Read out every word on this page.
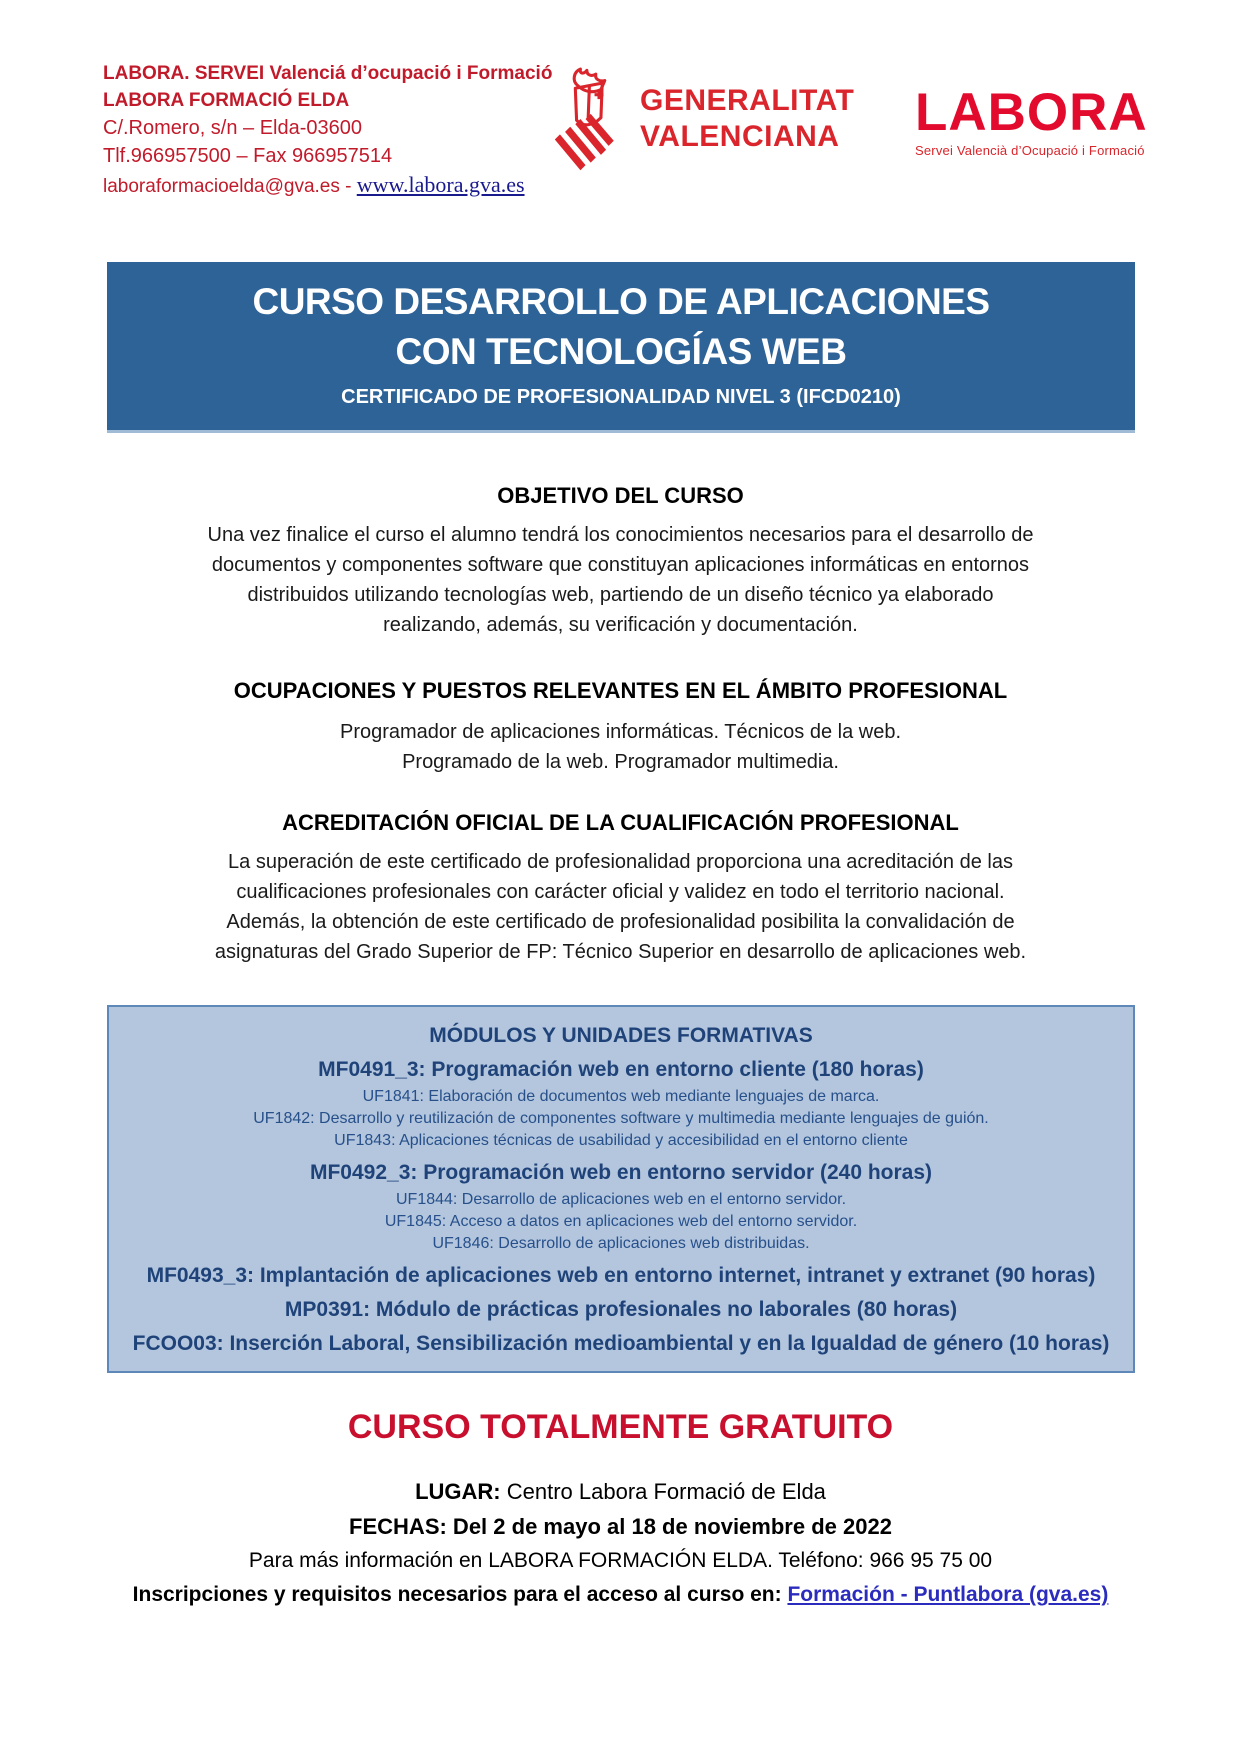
LABORA. SERVEI Valenciá d’ocupació i Formació
LABORA FORMACIÓ ELDA
C/.Romero, s/n – Elda-03600
Tlf.966957500 – Fax 966957514
laboraformacioelda@gva.es - www.labora.gva.es
GENERALITAT
VALENCIANA LABORA
Servei Valencià d’Ocupació i Formació
CURSO DESARROLLO DE APLICACIONES
CON TECNOLOGÍAS WEB
CERTIFICADO DE PROFESIONALIDAD NIVEL 3 (IFCD0210)
OBJETIVO DEL CURSO
Una vez finalice el curso el alumno tendrá los conocimientos necesarios para el desarrollo de
documentos y componentes software que constituyan aplicaciones informáticas en entornos
distribuidos utilizando tecnologías web, partiendo de un diseño técnico ya elaborado
realizando, además, su verificación y documentación.
OCUPACIONES Y PUESTOS RELEVANTES EN EL ÁMBITO PROFESIONAL
Programador de aplicaciones informáticas. Técnicos de la web.
Programado de la web. Programador multimedia.
ACREDITACIÓN OFICIAL DE LA CUALIFICACIÓN PROFESIONAL
La superación de este certificado de profesionalidad proporciona una acreditación de las
cualificaciones profesionales con carácter oficial y validez en todo el territorio nacional.
Además, la obtención de este certificado de profesionalidad posibilita la convalidación de
asignaturas del Grado Superior de FP: Técnico Superior en desarrollo de aplicaciones web.
MÓDULOS Y UNIDADES FORMATIVAS
MF0491_3: Programación web en entorno cliente (180 horas)
UF1841: Elaboración de documentos web mediante lenguajes de marca.
UF1842: Desarrollo y reutilización de componentes software y multimedia mediante lenguajes de guión.
UF1843: Aplicaciones técnicas de usabilidad y accesibilidad en el entorno cliente
MF0492_3: Programación web en entorno servidor (240 horas)
UF1844: Desarrollo de aplicaciones web en el entorno servidor.
UF1845: Acceso a datos en aplicaciones web del entorno servidor.
UF1846: Desarrollo de aplicaciones web distribuidas.
MF0493_3: Implantación de aplicaciones web en entorno internet, intranet y extranet (90 horas)
MP0391: Módulo de prácticas profesionales no laborales (80 horas)
FCOO03: Inserción Laboral, Sensibilización medioambiental y en la Igualdad de género (10 horas)
CURSO TOTALMENTE GRATUITO
LUGAR: Centro Labora Formació de Elda
FECHAS: Del 2 de mayo al 18 de noviembre de 2022
Para más información en LABORA FORMACIÓN ELDA. Teléfono: 966 95 75 00
Inscripciones y requisitos necesarios para el acceso al curso en: Formación - Puntlabora (gva.es)
